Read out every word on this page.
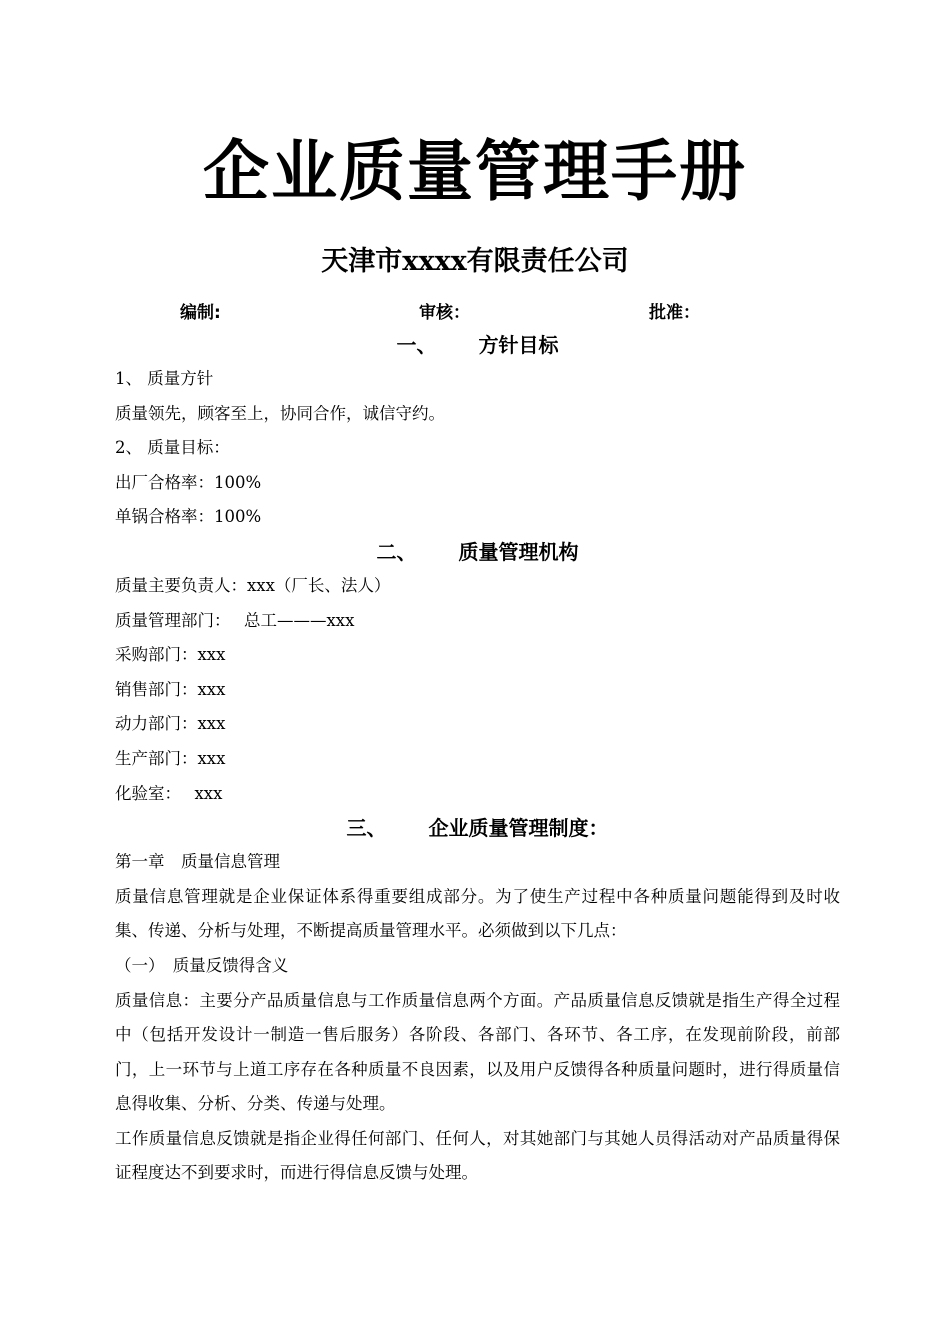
企业质量管理手册
天津市xxxx有限责任公司
编制:	审核：	批准：
一、 方针目标

1、 质量方针

质量领先，顾客至上，协同合作，诚信守约。

2、 质量目标：

出厂合格率：100%

单锅合格率：100%

二、 质量管理机构

质量主要负责人：xxx（厂长、法人）

质量管理部门：　 总工———xxx

采购部门：xxx

销售部门：xxx

动力部门：xxx

生产部门：xxx

化验室：　 xxx

三、 企业质量管理制度：

第一章　质量信息管理

质量信息管理就是企业保证体系得重要组成部分。为了使生产过程中各种质量问题能得到及时收集、传递、分析与处理，不断提高质量管理水平。必须做到以下几点：

（一）　质量反馈得含义

质量信息：主要分产品质量信息与工作质量信息两个方面。产品质量信息反馈就是指生产得全过程中（包括开发设计一制造一售后服务）各阶段、各部门、各环节、各工序，在发现前阶段，前部门，上一环节与上道工序存在各种质量不良因素，以及用户反馈得各种质量问题时，进行得质量信息得收集、分析、分类、传递与处理。

工作质量信息反馈就是指企业得任何部门、任何人，对其她部门与其她人员得活动对产品质量得保证程度达不到要求时，而进行得信息反馈与处理。
